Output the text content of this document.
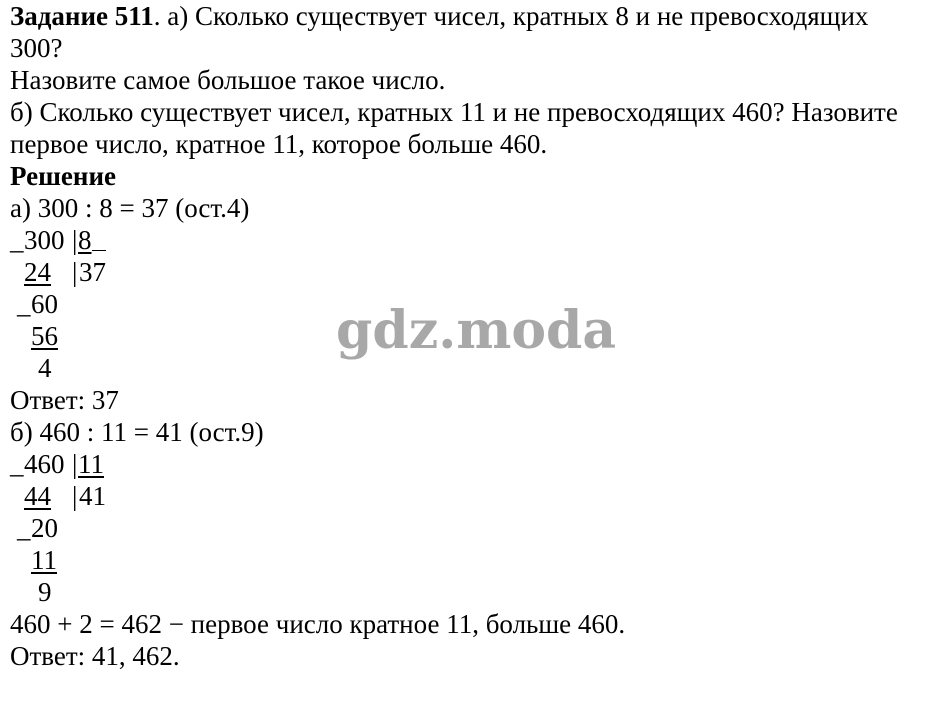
Задание 511. а) Сколько существует чисел, кратных 8 и не превосходящих
300?
Назовите самое большое такое число.
б) Сколько существует чисел, кратных 11 и не превосходящих 460? Назовите
первое число, кратное 11, которое больше 460.
Решение
а) 300 : 8 = 37 (ост.4)
_ 300 | 8
24 | 37
_ 60
56
4
Ответ: 37
б) 460 : 11 = 41 (ост.9)
_ 460 | 11
44 | 41
_ 20
11
9
460 + 2 = 462 − первое число кратное 11, больше 460.
Ответ: 41, 462.
gdz.moda
